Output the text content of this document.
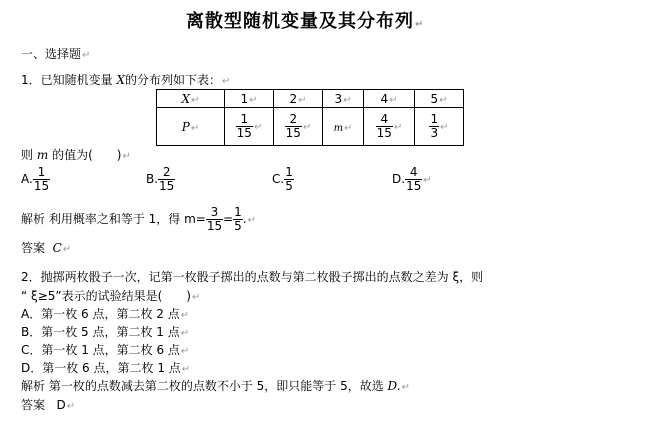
离散型随机变量及其分布列↵
一、选择题↵
1．已知随机变量 X的分布列如下表：↵
X↵	1↵	2↵	3↵	4↵	5↵
P↵	$\frac{1}{15}$ ↵	$\frac{2}{15}$ ↵	m↵	$\frac{4}{15}$ ↵	$\frac{1}{3}$ ↵
则 m 的值为(　　)↵
A. $\frac{1}{15}$	B. $\frac{2}{15}$	C. $\frac{1}{5}$	D. $\frac{4}{15}$ ↵
解析 利用概率之和等于 1，得 $m= \frac{3}{15} = \frac{1}{5}$ .↵
答案 C↵
2．抛掷两枚骰子一次，记第一枚骰子掷出的点数与第二枚骰子掷出的点数之差为 ξ，则
“ ξ≥5”表示的试验结果是(　　)↵
A．第一枚 6 点，第二枚 2 点↵
B．第一枚 5 点，第二枚 1 点↵
C．第一枚 1 点，第二枚 6 点↵
D．第一枚 6 点，第二枚 1 点↵
解析 第一枚的点数减去第二枚的点数不小于 5，即只能等于 5，故选 D.↵
答案 D↵
